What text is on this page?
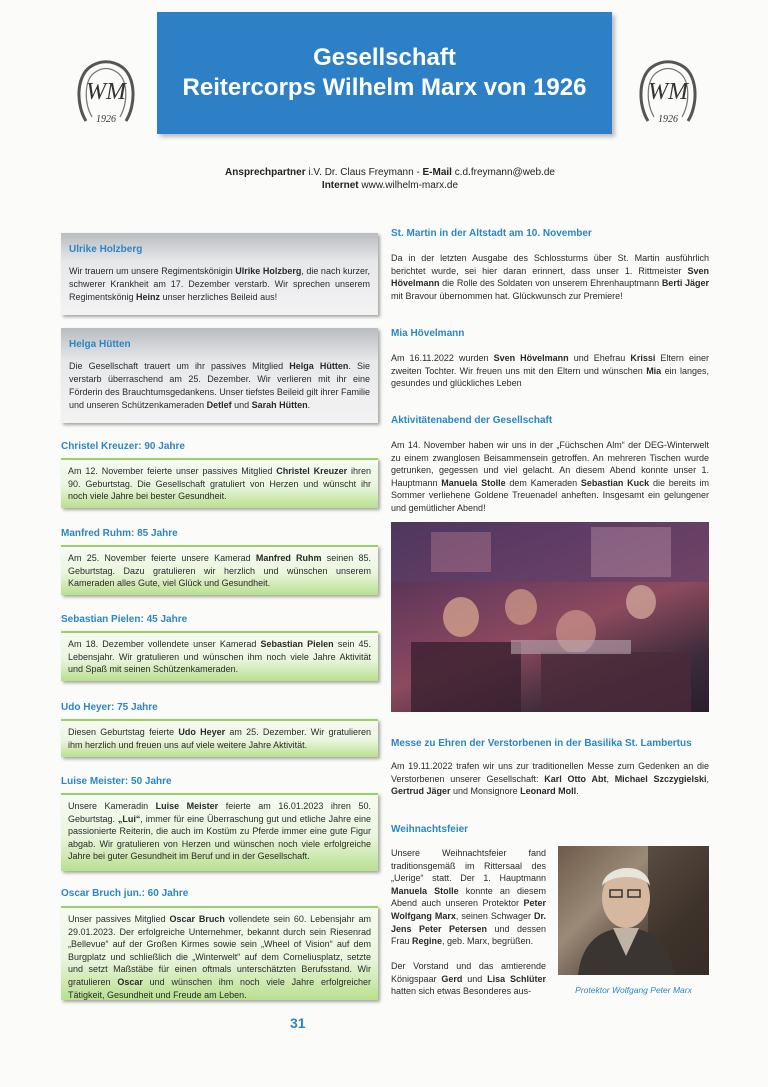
WM
1926
WM
1926
Gesellschaft
Reitercorps Wilhelm Marx von 1926
Ansprechpartner i.V. Dr. Claus Freymann - E-Mail c.d.freymann@web.de
Internet www.wilhelm-marx.de
Ulrike Holzberg
Wir trauern um unsere Regimentskönigin Ulrike Holzberg, die nach kurzer, schwerer Krankheit am 17. Dezember verstarb. Wir sprechen unserem Regimentskönig Heinz unser herzliches Beileid aus!
Helga Hütten
Die Gesellschaft trauert um ihr passives Mitglied Helga Hütten. Sie verstarb überraschend am 25. Dezember. Wir verlieren mit ihr eine Förderin des Brauchtumsgedankens. Unser tiefstes Beileid gilt ihrer Familie und unseren Schützenkameraden Detlef und Sarah Hütten.
Christel Kreuzer: 90 Jahre
Am 12. November feierte unser passives Mitglied Christel Kreuzer ihren 90. Geburtstag. Die Gesellschaft gratuliert von Herzen und wünscht ihr noch viele Jahre bei bester Gesundheit.
Manfred Ruhm: 85 Jahre
Am 25. November feierte unsere Kamerad Manfred Ruhm seinen 85. Geburtstag. Dazu gratulieren wir herzlich und wünschen unserem Kameraden alles Gute, viel Glück und Gesundheit.
Sebastian Pielen: 45 Jahre
Am 18. Dezember vollendete unser Kamerad Sebastian Pielen sein 45. Lebensjahr. Wir gratulieren und wünschen ihm noch viele Jahre Aktivität und Spaß mit seinen Schützenkameraden.
Udo Heyer: 75 Jahre
Diesen Geburtstag feierte Udo Heyer am 25. Dezember. Wir gratulieren ihm herzlich und freuen uns auf viele weitere Jahre Aktivität.
Luise Meister: 50 Jahre
Unsere Kameradin Luise Meister feierte am 16.01.2023 ihren 50. Geburtstag. „Lui“, immer für eine Überraschung gut und etliche Jahre eine passionierte Reiterin, die auch im Kostüm zu Pferde immer eine gute Figur abgab. Wir gratulieren von Herzen und wünschen noch viele erfolgreiche Jahre bei guter Gesundheit im Beruf und in der Gesellschaft.
Oscar Bruch jun.: 60 Jahre
Unser passives Mitglied Oscar Bruch vollendete sein 60. Lebensjahr am 29.01.2023. Der erfolgreiche Unternehmer, bekannt durch sein Riesenrad „Bellevue“ auf der Großen Kirmes sowie sein „Wheel of Vision“ auf dem Burgplatz und schließlich die „Winterwelt“ auf dem Corneliusplatz, setzte und setzt Maßstäbe für einen oftmals unterschätzten Berufsstand. Wir gratulieren Oscar und wünschen ihm noch viele Jahre erfolgreicher Tätigkeit, Gesundheit und Freude am Leben.
St. Martin in der Altstadt am 10. November
Da in der letzten Ausgabe des Schlossturms über St. Martin ausführlich berichtet wurde, sei hier daran erinnert, dass unser 1. Rittmeister Sven Hövelmann die Rolle des Soldaten von unserem Ehrenhauptmann Berti Jäger mit Bravour übernommen hat. Glückwunsch zur Premiere!
Mia Hövelmann
Am 16.11.2022 wurden Sven Hövelmann und Ehefrau Krissi Eltern einer zweiten Tochter. Wir freuen uns mit den Eltern und wünschen Mia ein langes, gesundes und glückliches Leben
Aktivitätenabend der Gesellschaft
Am 14. November haben wir uns in der „Füchschen Alm“ der DEG-Winterwelt zu einem zwanglosen Beisammensein getroffen. An mehreren Tischen wurde getrunken, gegessen und viel gelacht. An diesem Abend konnte unser 1. Hauptmann Manuela Stolle dem Kameraden Sebastian Kuck die bereits im Sommer verliehene Goldene Treuenadel anheften. Insgesamt ein gelungener und gemütlicher Abend!
Messe zu Ehren der Verstorbenen in der Basilika St. Lambertus
Am 19.11.2022 trafen wir uns zur traditionellen Messe zum Gedenken an die Verstorbenen unserer Gesellschaft: Karl Otto Abt, Michael Szczygielski, Gertrud Jäger und Monsignore Leonard Moll.
Weihnachtsfeier
Unsere Weihnachtsfeier fand traditionsgemäß im Rittersaal des „Uerige“ statt. Der 1. Hauptmann Manuela Stolle konnte an diesem Abend auch unseren Protektor Peter Wolfgang Marx, seinen Schwager Dr. Jens Peter Petersen und dessen Frau Regine, geb. Marx, begrüßen.
Der Vorstand und das amtierende Königspaar Gerd und Lisa Schlüter hatten sich etwas Besonderes aus-	Protektor Wolfgang Peter Marx
31
